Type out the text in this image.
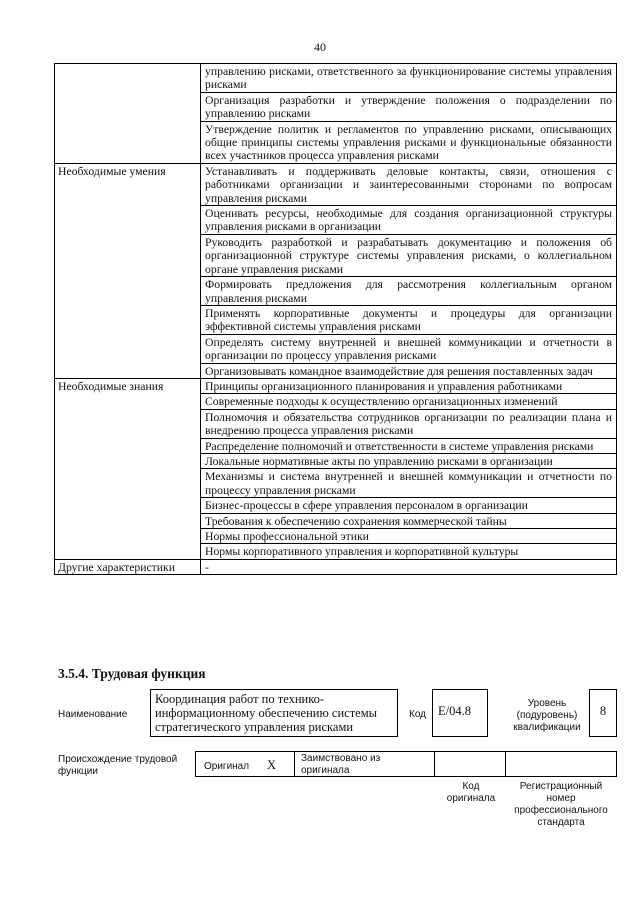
40
	управлению рисками, ответственного за функционирование системы управления рисками
	Организация разработки и утверждение положения о подразделении по управлению рисками
	Утверждение политик и регламентов по управлению рисками, описывающих общие принципы системы управления рисками и функциональные обязанности всех участников процесса управления рисками
Необходимые умения	Устанавливать и поддерживать деловые контакты, связи, отношения с работниками организации и заинтересованными сторонами по вопросам управления рисками
	Оценивать ресурсы, необходимые для создания организационной структуры управления рисками в организации
	Руководить разработкой и разрабатывать документацию и положения об организационной структуре системы управления рисками, о коллегиальном органе управления рисками
	Формировать предложения для рассмотрения коллегиальным органом управления рисками
	Применять корпоративные документы и процедуры для организации эффективной системы управления рисками
	Определять систему внутренней и внешней коммуникации и отчетности в организации по процессу управления рисками
	Организовывать командное взаимодействие для решения поставленных задач
Необходимые знания	Принципы организационного планирования и управления работниками
	Современные подходы к осуществлению организационных изменений
	Полномочия и обязательства сотрудников организации по реализации плана и внедрению процесса управления рисками
	Распределение полномочий и ответственности в системе управления рисками
	Локальные нормативные акты по управлению рисками в организации
	Механизмы и система внутренней и внешней коммуникации и отчетности по процессу управления рисками
	Бизнес-процессы в сфере управления персоналом в организации
	Требования к обеспечению сохранения коммерческой тайны
	Нормы профессиональной этики
	Нормы корпоративного управления и корпоративной культуры
Другие характеристики	-
3.5.4. Трудовая функция
Наименование
Координация работ по технико-информационному обеспечению системы стратегического управления рисками
Код E/04.8
Уровень (подуровень) квалификации
8
Происхождение трудовой функции	Оригинал X Заимствовано из оригинала
Код оригинала
Регистрационный номер профессионального стандарта
